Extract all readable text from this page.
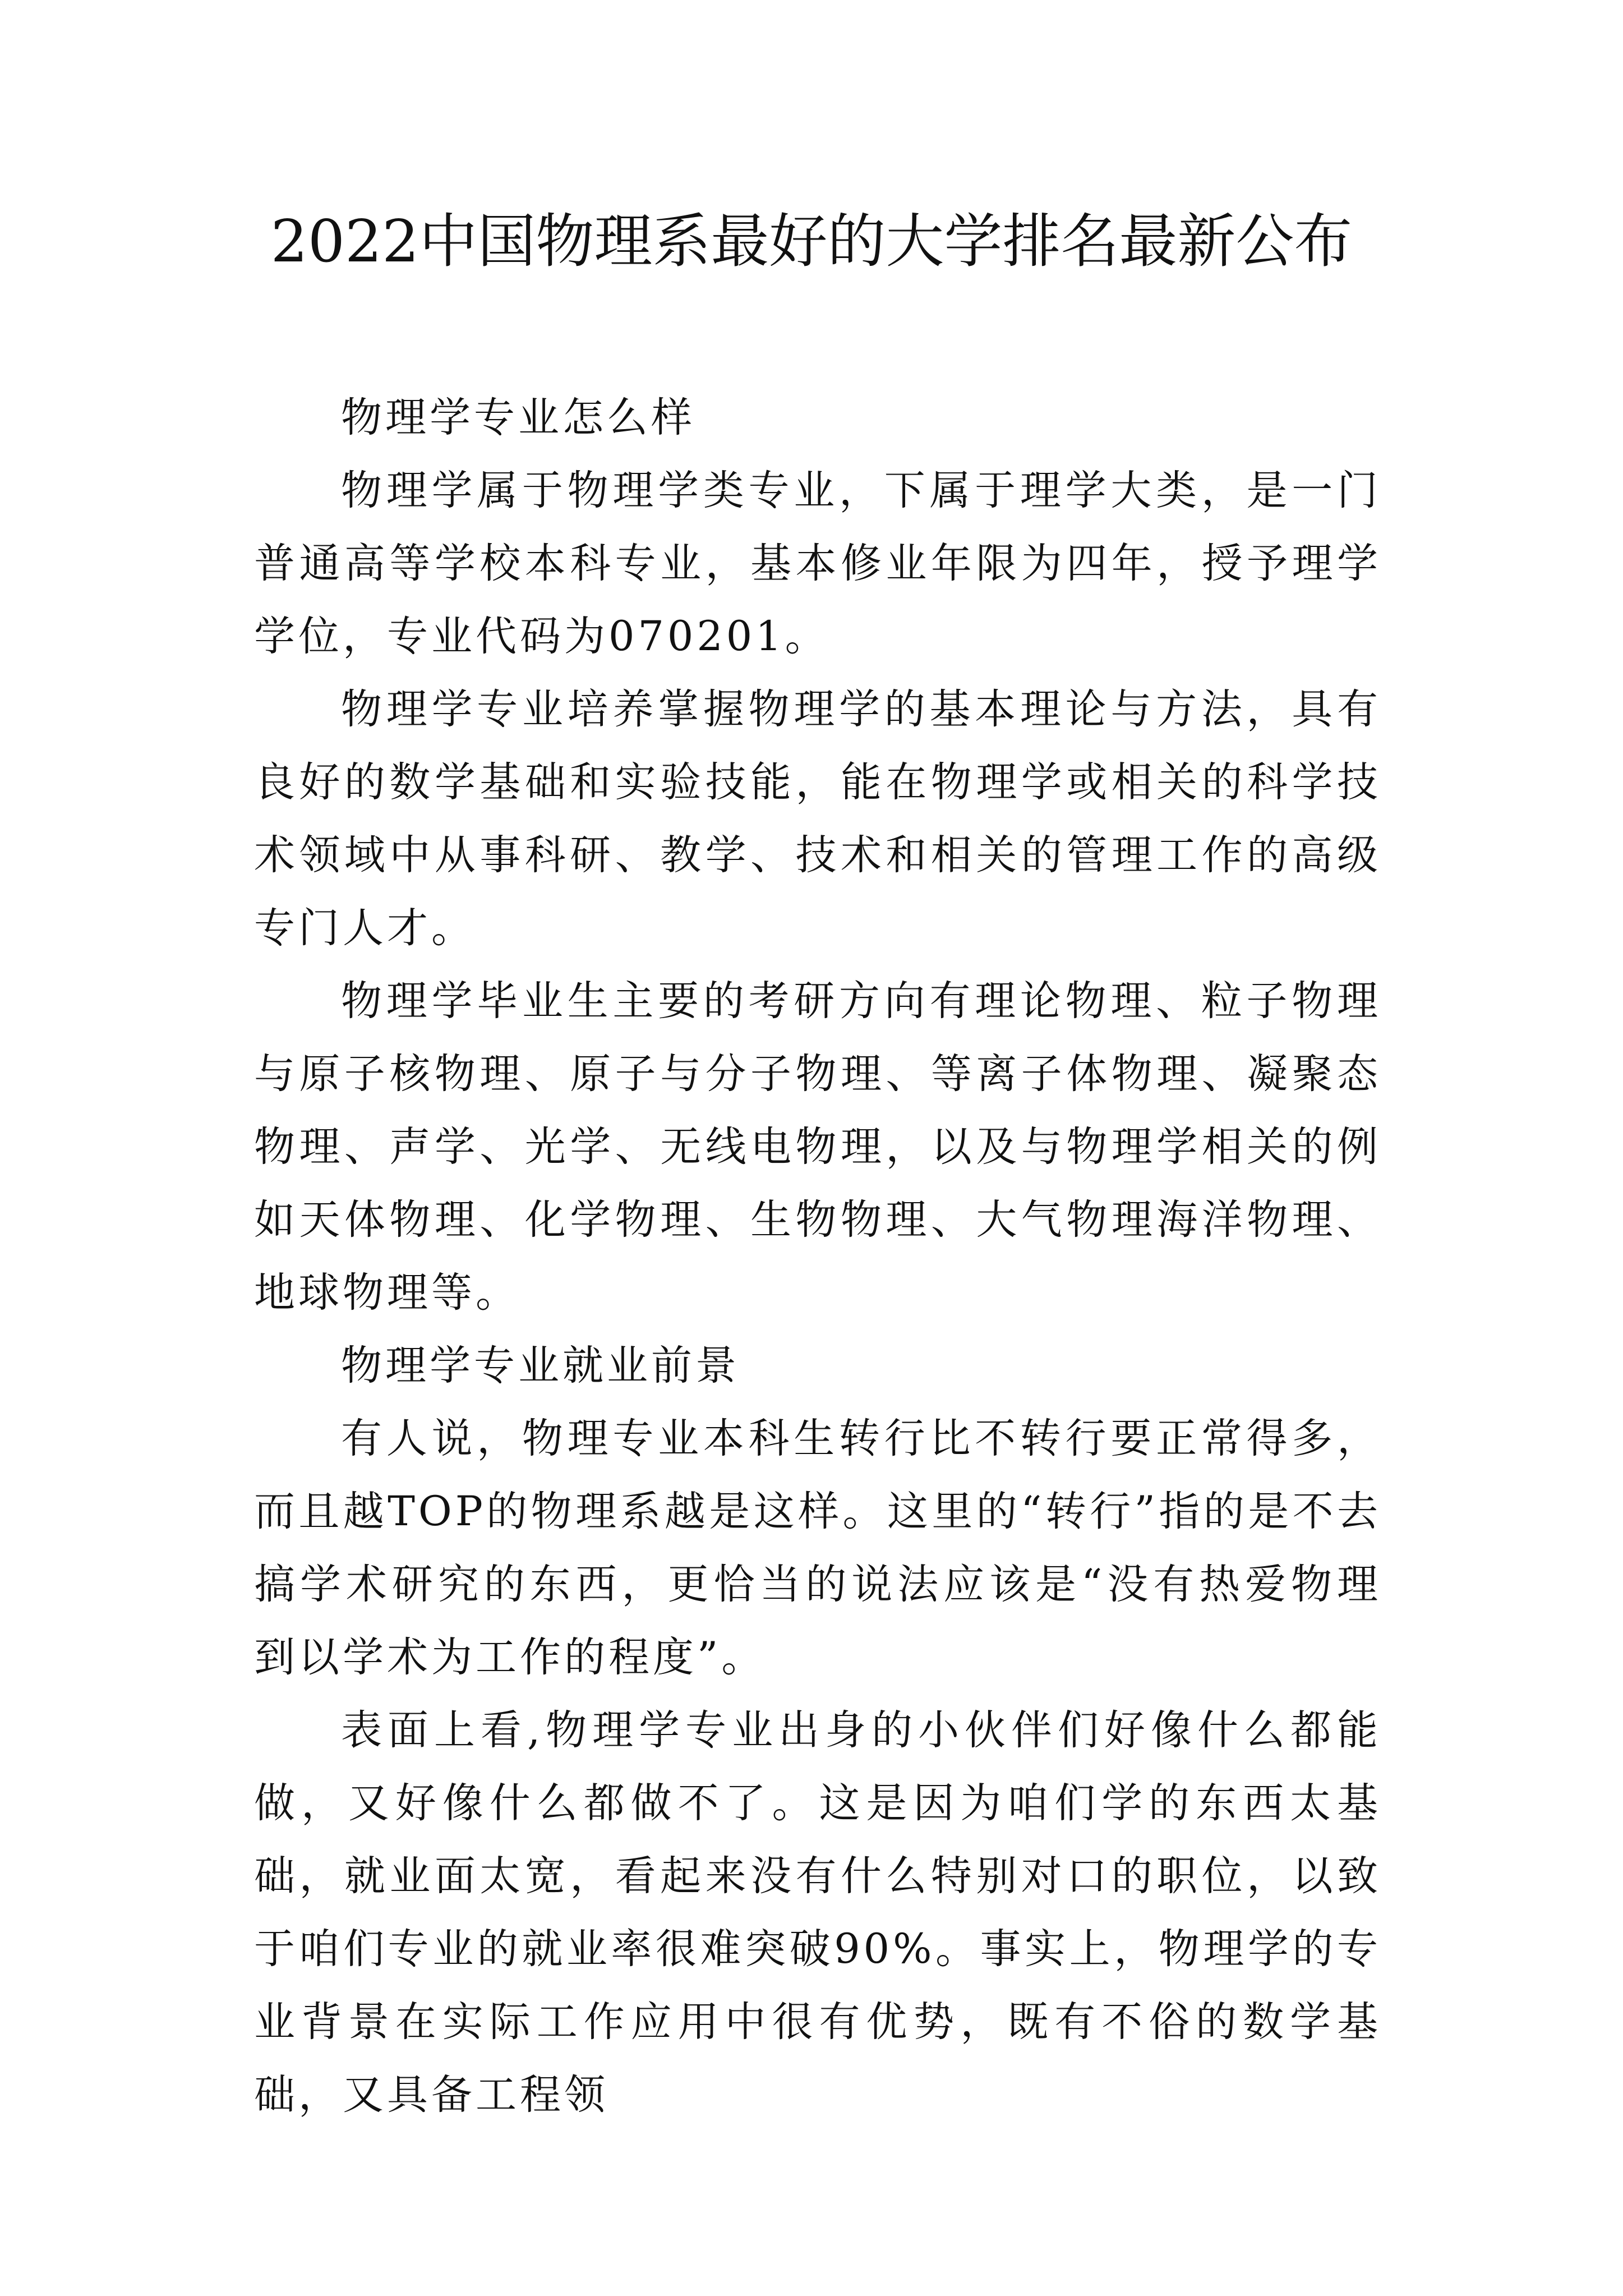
2022中国物理系最好的大学排名最新公布

物理学专业怎么样

物理学属于物理学类专业，下属于理学大类，是一门普通高等学校本科专业，基本修业年限为四年，授予理学学位，专业代码为070201。

物理学专业培养掌握物理学的基本理论与方法，具有良好的数学基础和实验技能，能在物理学或相关的科学技术领域中从事科研、教学、技术和相关的管理工作的高级专门人才。

物理学毕业生主要的考研方向有理论物理、粒子物理与原子核物理、原子与分子物理、等离子体物理、凝聚态物理、声学、光学、无线电物理，以及与物理学相关的例如天体物理、化学物理、生物物理、大气物理海洋物理、地球物理等。

物理学专业就业前景

有人说，物理专业本科生转行比不转行要正常得多，而且越TOP的物理系越是这样。这里的“转行”指的是不去搞学术研究的东西，更恰当的说法应该是“没有热爱物理到以学术为工作的程度”。

表面上看,物理学专业出身的小伙伴们好像什么都能做，又好像什么都做不了。这是因为咱们学的东西太基础，就业面太宽，看起来没有什么特别对口的职位，以致于咱们专业的就业率很难突破90%。事实上，物理学的专业背景在实际工作应用中很有优势，既有不俗的数学基础，又具备工程领
